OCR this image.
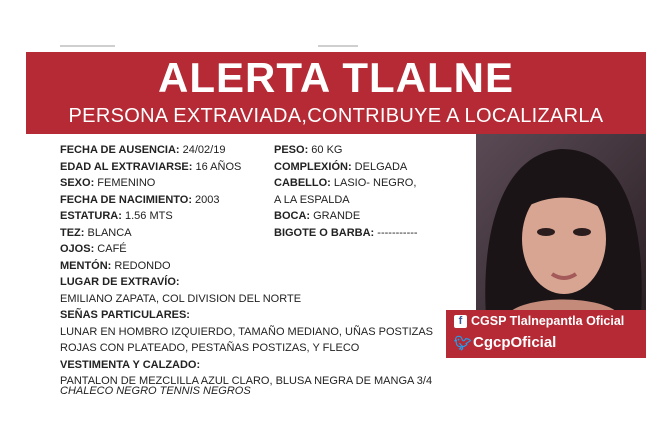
ALERTA TLALNE
PERSONA EXTRAVIADA,CONTRIBUYE A LOCALIZARLA
FECHA DE AUSENCIA: 24/02/19
EDAD AL EXTRAVIARSE: 16 AÑOS
SEXO: FEMENINO
FECHA DE NACIMIENTO: 2003
ESTATURA: 1.56 MTS
TEZ: BLANCA
OJOS: CAFÉ
MENTÓN: REDONDO
LUGAR DE EXTRAVÍO:
EMILIANO ZAPATA, COL DIVISION DEL NORTE
SEÑAS PARTICULARES:
LUNAR EN HOMBRO IZQUIERDO, TAMAÑO MEDIANO, UÑAS POSTIZAS
ROJAS CON PLATEADO, PESTAÑAS POSTIZAS, Y FLECO
VESTIMENTA Y CALZADO:
PANTALON DE MEZCLILLA AZUL CLARO, BLUSA NEGRA DE MANGA 3/4
PESO: 60 KG
COMPLEXIÓN: DELGADA
CABELLO: LASIO- NEGRO,
A LA ESPALDA
BOCA: GRANDE
BIGOTE O BARBA: -----------
f CGSP Tlalnepantla Oficial
🐦︎CgcpOficial
CHALECO NEGRO TENNIS NEGROS
